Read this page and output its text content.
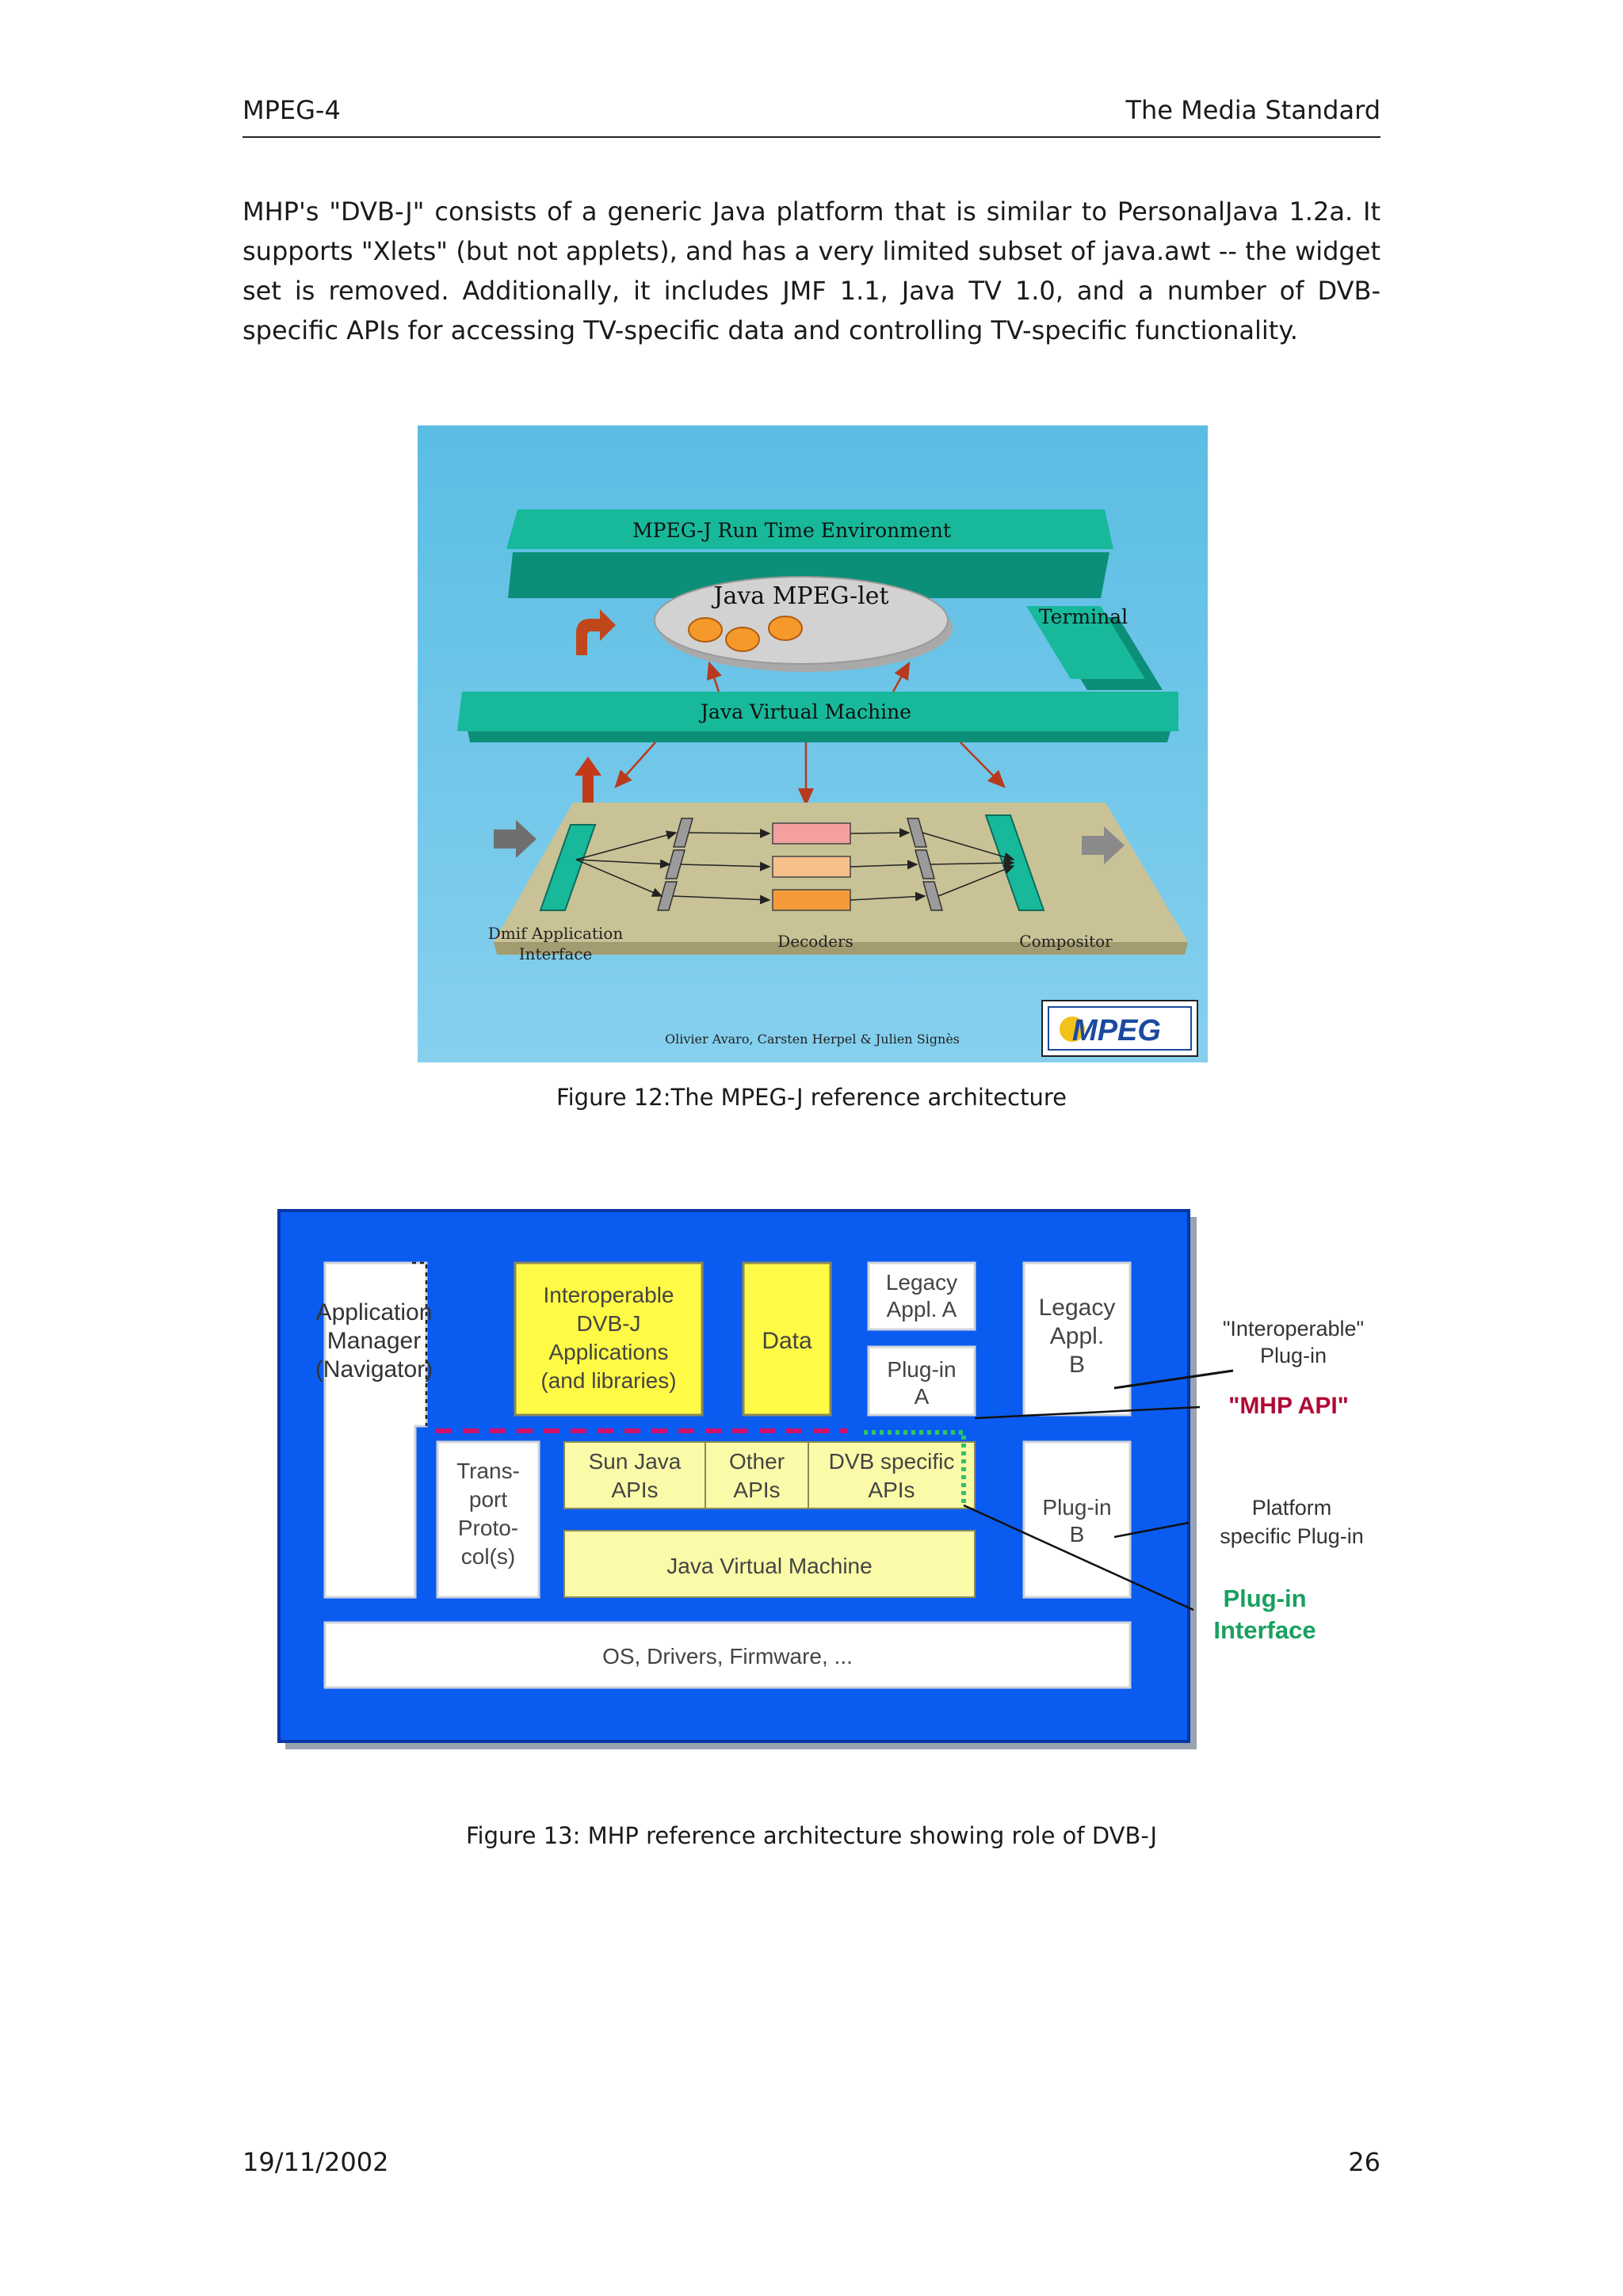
MPEG-4	The Media Standard

MHP's "DVB-J" consists of a generic Java platform that is similar to PersonalJava 1.2a. It supports "Xlets" (but not applets), and has a very limited subset of java.awt -- the widget set is removed. Additionally, it includes JMF 1.1, Java TV 1.0, and a number of DVB-specific APIs for accessing TV-specific data and controlling TV-specific functionality.

MPEG-J Run Time Environment
Java MPEG-let
Terminal
Java Virtual Machine
Dmif Application
Interface
Decoders	Compositor
Olivier Avaro, Carsten Herpel & Julien Signès	MPEG
Figure 12:The MPEG-J reference architecture
Application
Manager
(Navigator)
Interoperable
DVB-J
Applications
(and libraries)
Data
Legacy
Appl. A
Plug-in
A
Legacy
Appl.
B
Trans-
port
Proto-
col(s)
Sun Java
APIs
Other
APIs
DVB specific
APIs
Java Virtual Machine
Plug-in
B
OS, Drivers, Firmware, ...
"Interoperable"
Plug-in
"MHP API"
Platform
specific Plug-in
Plug-in
Interface
Figure 13: MHP reference architecture showing role of DVB-J
19/11/2002	26
